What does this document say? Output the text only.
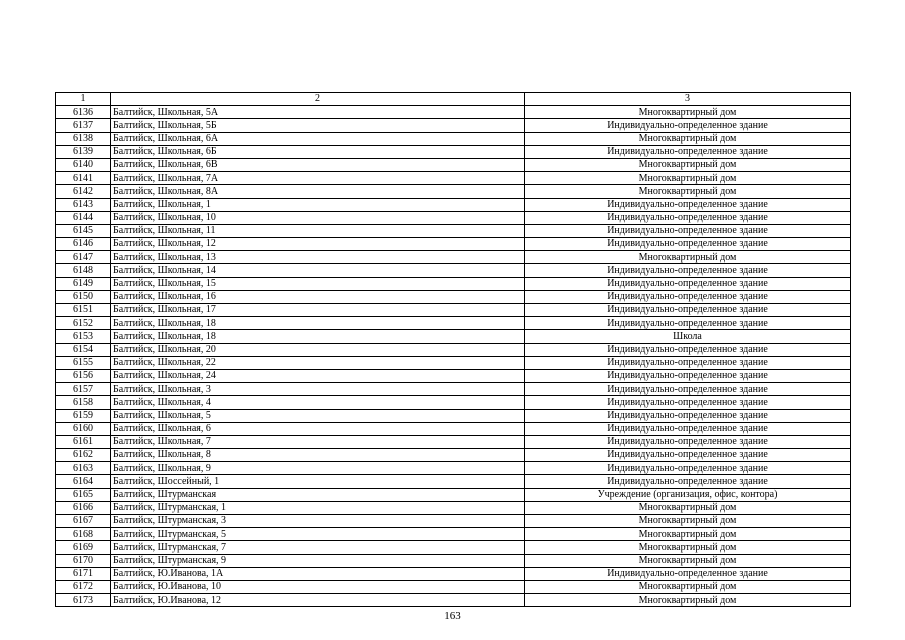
1	2	3
6136	Балтийск, Школьная, 5А	Многоквартирный дом
6137	Балтийск, Школьная, 5Б	Индивидуально-определенное здание
6138	Балтийск, Школьная, 6А	Многоквартирный дом
6139	Балтийск, Школьная, 6Б	Индивидуально-определенное здание
6140	Балтийск, Школьная, 6В	Многоквартирный дом
6141	Балтийск, Школьная, 7А	Многоквартирный дом
6142	Балтийск, Школьная, 8А	Многоквартирный дом
6143	Балтийск, Школьная, 1	Индивидуально-определенное здание
6144	Балтийск, Школьная, 10	Индивидуально-определенное здание
6145	Балтийск, Школьная, 11	Индивидуально-определенное здание
6146	Балтийск, Школьная, 12	Индивидуально-определенное здание
6147	Балтийск, Школьная, 13	Многоквартирный дом
6148	Балтийск, Школьная, 14	Индивидуально-определенное здание
6149	Балтийск, Школьная, 15	Индивидуально-определенное здание
6150	Балтийск, Школьная, 16	Индивидуально-определенное здание
6151	Балтийск, Школьная, 17	Индивидуально-определенное здание
6152	Балтийск, Школьная, 18	Индивидуально-определенное здание
6153	Балтийск, Школьная, 18	Школа
6154	Балтийск, Школьная, 20	Индивидуально-определенное здание
6155	Балтийск, Школьная, 22	Индивидуально-определенное здание
6156	Балтийск, Школьная, 24	Индивидуально-определенное здание
6157	Балтийск, Школьная, 3	Индивидуально-определенное здание
6158	Балтийск, Школьная, 4	Индивидуально-определенное здание
6159	Балтийск, Школьная, 5	Индивидуально-определенное здание
6160	Балтийск, Школьная, 6	Индивидуально-определенное здание
6161	Балтийск, Школьная, 7	Индивидуально-определенное здание
6162	Балтийск, Школьная, 8	Индивидуально-определенное здание
6163	Балтийск, Школьная, 9	Индивидуально-определенное здание
6164	Балтийск, Шоссейный, 1	Индивидуально-определенное здание
6165	Балтийск, Штурманская	Учреждение (организация, офис, контора)
6166	Балтийск, Штурманская, 1	Многоквартирный дом
6167	Балтийск, Штурманская, 3	Многоквартирный дом
6168	Балтийск, Штурманская, 5	Многоквартирный дом
6169	Балтийск, Штурманская, 7	Многоквартирный дом
6170	Балтийск, Штурманская, 9	Многоквартирный дом
6171	Балтийск, Ю.Иванова, 1А	Индивидуально-определенное здание
6172	Балтийск, Ю.Иванова, 10	Многоквартирный дом
6173	Балтийск, Ю.Иванова, 12	Многоквартирный дом
163
